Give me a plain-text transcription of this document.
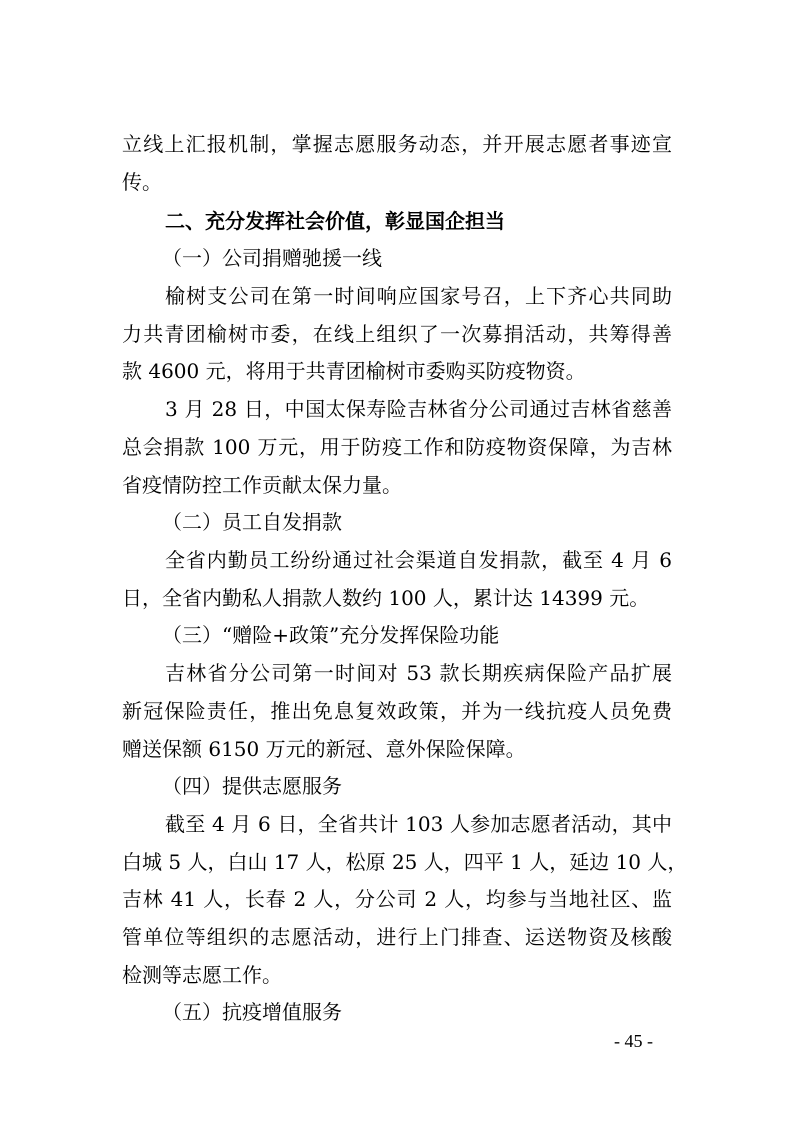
立线上汇报机制，掌握志愿服务动态，并开展志愿者事迹宣
传。
二、充分发挥社会价值，彰显国企担当
（一）公司捐赠驰援一线
榆树支公司在第一时间响应国家号召，上下齐心共同助
力共青团榆树市委，在线上组织了一次募捐活动，共筹得善
款 4600 元，将用于共青团榆树市委购买防疫物资。
3 月 28 日，中国太保寿险吉林省分公司通过吉林省慈善
总会捐款 100 万元，用于防疫工作和防疫物资保障，为吉林
省疫情防控工作贡献太保力量。
（二）员工自发捐款
全省内勤员工纷纷通过社会渠道自发捐款，截至 4 月 6
日，全省内勤私人捐款人数约 100 人，累计达 14399 元。
（三）“赠险+政策”充分发挥保险功能
吉林省分公司第一时间对 53 款长期疾病保险产品扩展
新冠保险责任，推出免息复效政策，并为一线抗疫人员免费
赠送保额 6150 万元的新冠、意外保险保障。
（四）提供志愿服务
截至 4 月 6 日，全省共计 103 人参加志愿者活动，其中
白城 5 人，白山 17 人，松原 25 人，四平 1 人，延边 10 人，
吉林 41 人，长春 2 人，分公司 2 人，均参与当地社区、监
管单位等组织的志愿活动，进行上门排查、运送物资及核酸
检测等志愿工作。
（五）抗疫增值服务
- 45 -
